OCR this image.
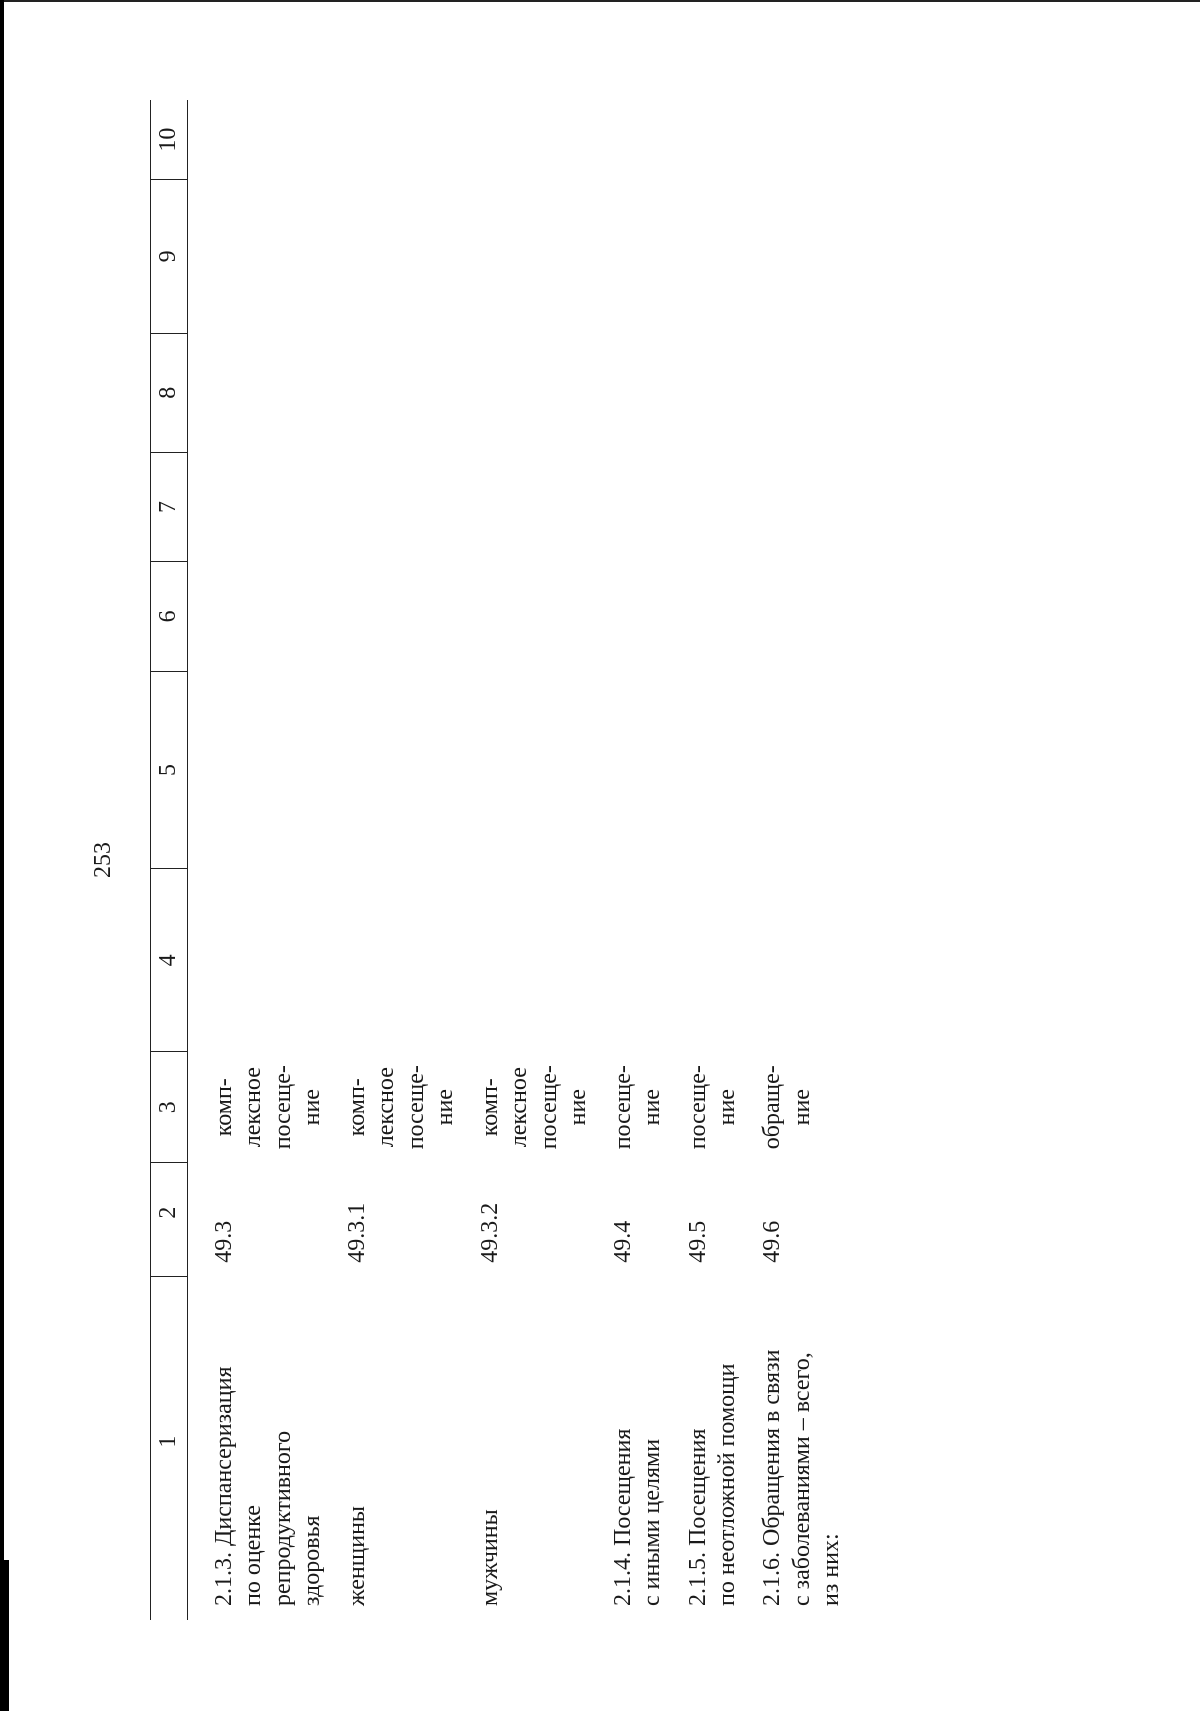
253
1	2	3	4	5	6	7	8	9	10

2.1.3. Диспансеризация по оценке репродуктивного здоровья	49.3	комп- лексное посеще- ние							

женщины	49.3.1	комп- лексное посеще- ние							

мужчины	49.3.2	комп- лексное посеще- ние							

2.1.4. Посещения с иными целями	49.4	посеще- ние							

2.1.5. Посещения по неотложной помощи	49.5	посеще- ние							

2.1.6. Обращения в связи с заболеваниями – всего, из них:	49.6	обраще- ние							
